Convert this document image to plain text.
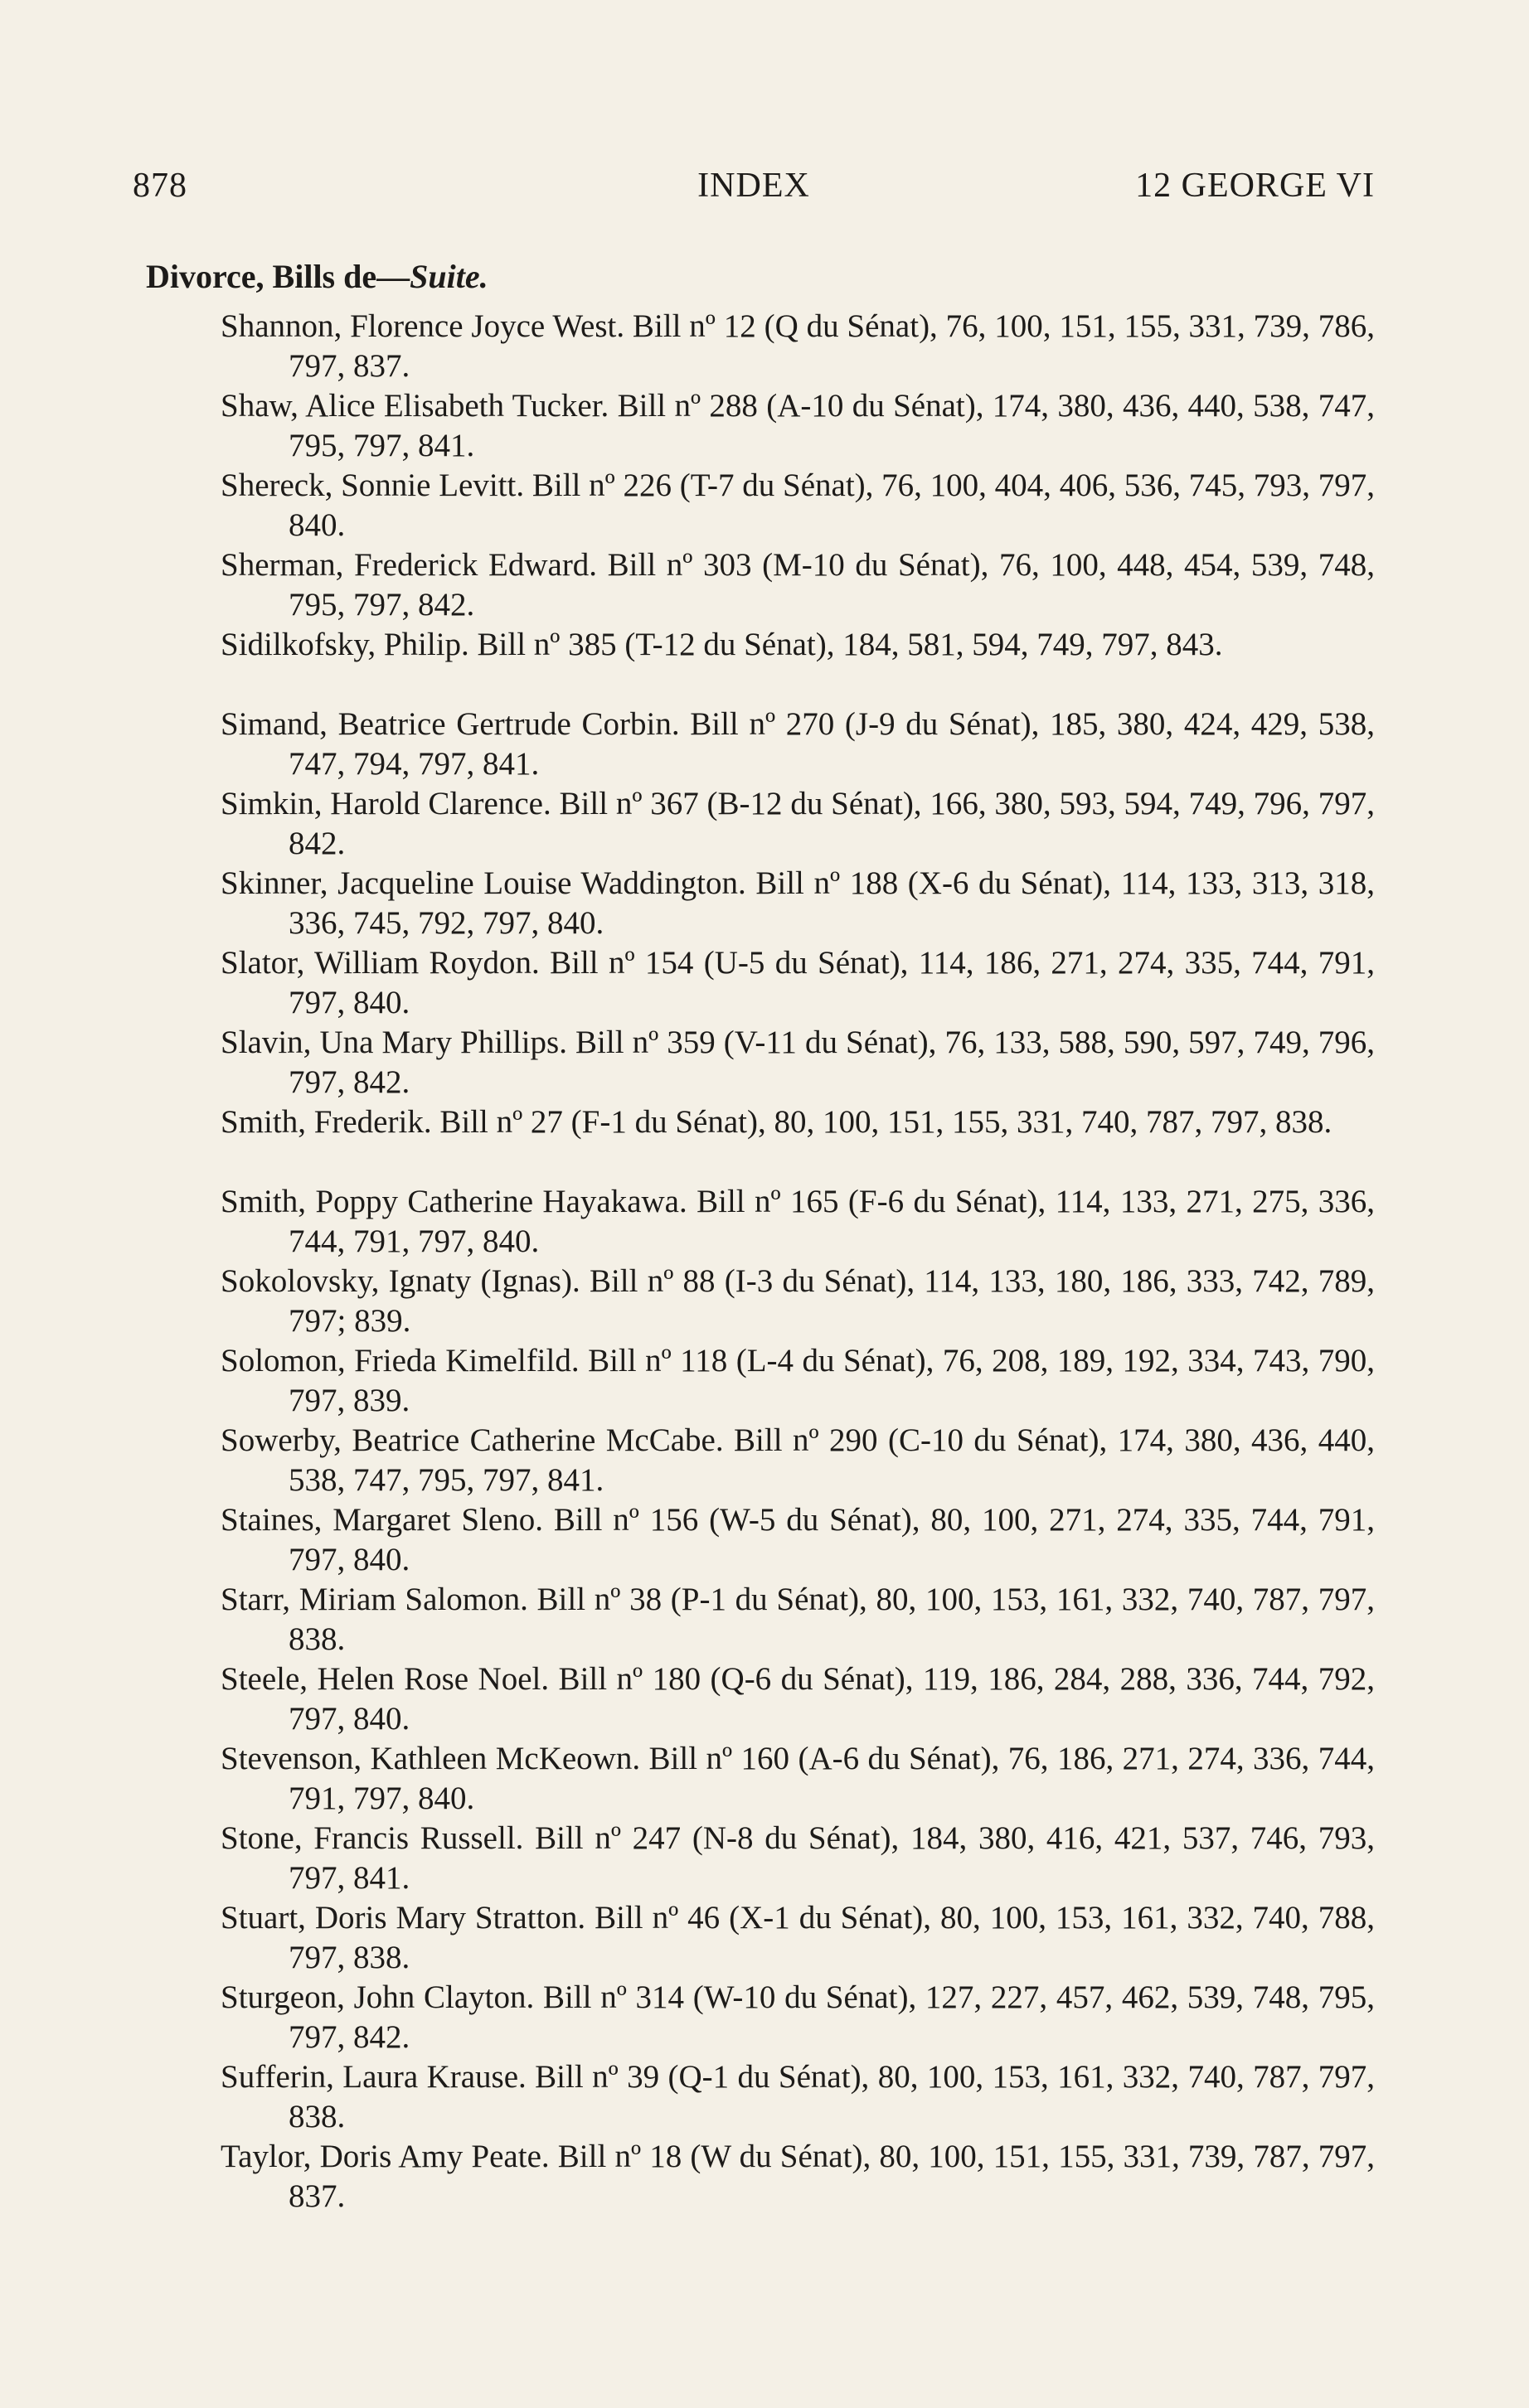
878	INDEX	12 GEORGE VI
Divorce, Bills de—Suite.

Shannon, Florence Joyce West. Bill nº 12 (Q du Sénat), 76, 100, 151, 155, 331, 739, 786, 797, 837.

Shaw, Alice Elisabeth Tucker. Bill nº 288 (A-10 du Sénat), 174, 380, 436, 440, 538, 747, 795, 797, 841.

Shereck, Sonnie Levitt. Bill nº 226 (T-7 du Sénat), 76, 100, 404, 406, 536, 745, 793, 797, 840.

Sherman, Frederick Edward. Bill nº 303 (M-10 du Sénat), 76, 100, 448, 454, 539, 748, 795, 797, 842.

Sidilkofsky, Philip. Bill nº 385 (T-12 du Sénat), 184, 581, 594, 749, 797, 843.

Simand, Beatrice Gertrude Corbin. Bill nº 270 (J-9 du Sénat), 185, 380, 424, 429, 538, 747, 794, 797, 841.

Simkin, Harold Clarence. Bill nº 367 (B-12 du Sénat), 166, 380, 593, 594, 749, 796, 797, 842.

Skinner, Jacqueline Louise Waddington. Bill nº 188 (X-6 du Sénat), 114, 133, 313, 318, 336, 745, 792, 797, 840.

Slator, William Roydon. Bill nº 154 (U-5 du Sénat), 114, 186, 271, 274, 335, 744, 791, 797, 840.

Slavin, Una Mary Phillips. Bill nº 359 (V-11 du Sénat), 76, 133, 588, 590, 597, 749, 796, 797, 842.

Smith, Frederik. Bill nº 27 (F-1 du Sénat), 80, 100, 151, 155, 331, 740, 787, 797, 838.

Smith, Poppy Catherine Hayakawa. Bill nº 165 (F-6 du Sénat), 114, 133, 271, 275, 336, 744, 791, 797, 840.

Sokolovsky, Ignaty (Ignas). Bill nº 88 (I-3 du Sénat), 114, 133, 180, 186, 333, 742, 789, 797; 839.

Solomon, Frieda Kimelfild. Bill nº 118 (L-4 du Sénat), 76, 208, 189, 192, 334, 743, 790, 797, 839.

Sowerby, Beatrice Catherine McCabe. Bill nº 290 (C-10 du Sénat), 174, 380, 436, 440, 538, 747, 795, 797, 841.

Staines, Margaret Sleno. Bill nº 156 (W-5 du Sénat), 80, 100, 271, 274, 335, 744, 791, 797, 840.

Starr, Miriam Salomon. Bill nº 38 (P-1 du Sénat), 80, 100, 153, 161, 332, 740, 787, 797, 838.

Steele, Helen Rose Noel. Bill nº 180 (Q-6 du Sénat), 119, 186, 284, 288, 336, 744, 792, 797, 840.

Stevenson, Kathleen McKeown. Bill nº 160 (A-6 du Sénat), 76, 186, 271, 274, 336, 744, 791, 797, 840.

Stone, Francis Russell. Bill nº 247 (N-8 du Sénat), 184, 380, 416, 421, 537, 746, 793, 797, 841.

Stuart, Doris Mary Stratton. Bill nº 46 (X-1 du Sénat), 80, 100, 153, 161, 332, 740, 788, 797, 838.

Sturgeon, John Clayton. Bill nº 314 (W-10 du Sénat), 127, 227, 457, 462, 539, 748, 795, 797, 842.

Sufferin, Laura Krause. Bill nº 39 (Q-1 du Sénat), 80, 100, 153, 161, 332, 740, 787, 797, 838.

Taylor, Doris Amy Peate. Bill nº 18 (W du Sénat), 80, 100, 151, 155, 331, 739, 787, 797, 837.
